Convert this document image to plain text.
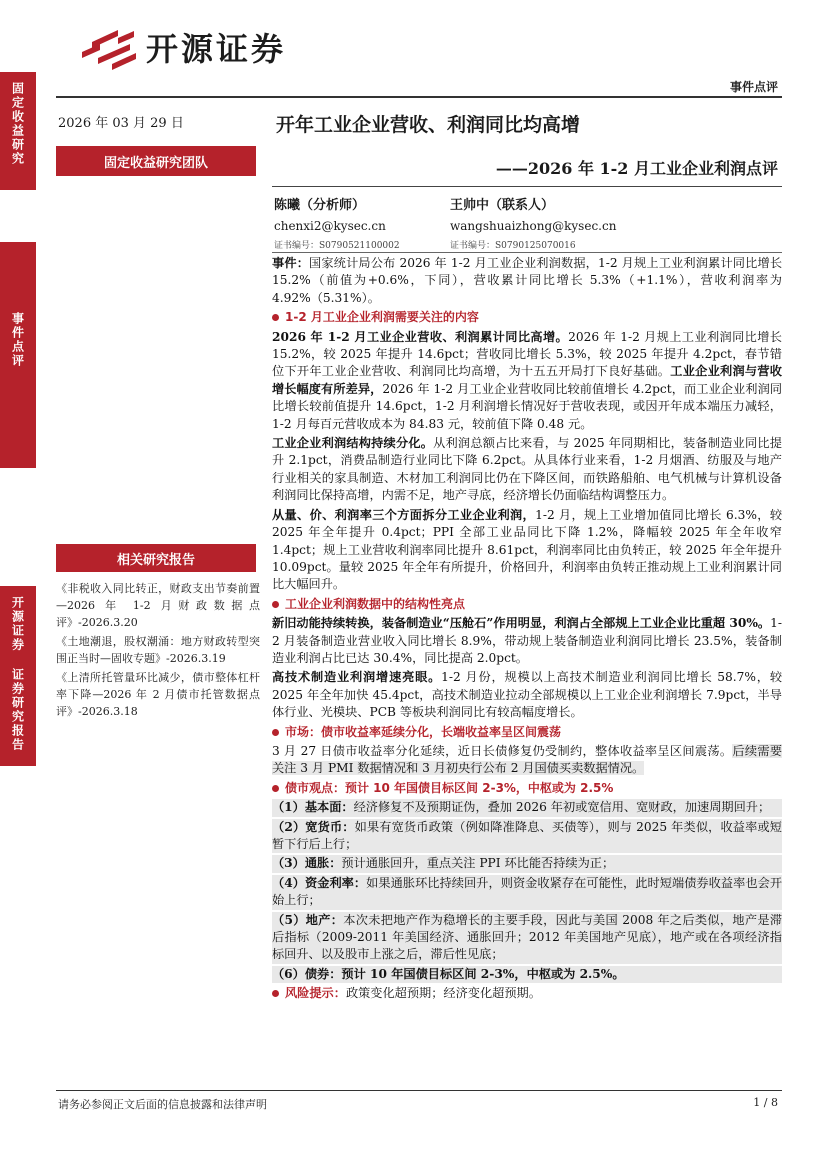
开源证券
事件点评
固定收益研究
事件点评
开源证券 证券研究报告
2026 年 03 月 29 日
固定收益研究团队
开年工业企业营收、利润同比均高增
——2026 年 1-2 月工业企业利润点评
陈曦（分析师）
chenxi2@kysec.cn
证书编号：S0790521100002
王帅中（联系人）
wangshuaizhong@kysec.cn
证书编号：S0790125070016
相关研究报告
《非税收入同比转正，财政支出节奏前置—2026 年 1-2 月财政数据点评》-2026.3.20
《土地潮退，股权潮涌：地方财政转型突围正当时—固收专题》-2026.3.19
《上清所托管量环比减少，债市整体杠杆率下降—2026 年 2 月债市托管数据点评》-2026.3.18

事件：国家统计局公布 2026 年 1-2 月工业企业利润数据，1-2 月规上工业利润累计同比增长 15.2%（前值为+0.6%，下同），营收累计同比增长 5.3%（+1.1%），营收利润率为 4.92%（5.31%）。

1-2 月工业企业利润需要关注的内容

2026 年 1-2 月工业企业营收、利润累计同比高增。2026 年 1-2 月规上工业利润同比增长 15.2%，较 2025 年提升 14.6pct；营收同比增长 5.3%，较 2025 年提升 4.2pct，春节错位下开年工业企业营收、利润同比均高增，为十五五开局打下良好基础。工业企业利润与营收增长幅度有所差异，2026 年 1-2 月工业企业营收同比较前值增长 4.2pct，而工业企业利润同比增长较前值提升 14.6pct，1-2 月利润增长情况好于营收表现，或因开年成本端压力减轻，1-2 月每百元营收成本为 84.83 元，较前值下降 0.48 元。

工业企业利润结构持续分化。从利润总额占比来看，与 2025 年同期相比，装备制造业同比提升 2.1pct，消费品制造行业同比下降 6.2pct。从具体行业来看，1-2 月烟酒、纺服及与地产行业相关的家具制造、木材加工利润同比仍在下降区间，而铁路船舶、电气机械与计算机设备利润同比保持高增，内需不足，地产寻底，经济增长仍面临结构调整压力。

从量、价、利润率三个方面拆分工业企业利润，1-2 月，规上工业增加值同比增长 6.3%，较 2025 年全年提升 0.4pct；PPI 全部工业品同比下降 1.2%，降幅较 2025 年全年收窄 1.4pct；规上工业营收利润率同比提升 8.61pct，利润率同比由负转正，较 2025 年全年提升 10.09pct。量较 2025 年全年有所提升，价格回升，利润率由负转正推动规上工业利润累计同比大幅回升。

工业企业利润数据中的结构性亮点

新旧动能持续转换，装备制造业“压舱石”作用明显，利润占全部规上工业企业比重超 30%。1-2 月装备制造业营业收入同比增长 8.9%，带动规上装备制造业利润同比增长 23.5%，装备制造业利润占比已达 30.4%，同比提高 2.0pct。

高技术制造业利润增速亮眼。1-2 月份，规模以上高技术制造业利润同比增长 58.7%，较 2025 年全年加快 45.4pct，高技术制造业拉动全部规模以上工业企业利润增长 7.9pct，半导体行业、光模块、PCB 等板块利润同比有较高幅度增长。

市场：债市收益率延续分化，长端收益率呈区间震荡

3 月 27 日债市收益率分化延续，近日长债修复仍受制约，整体收益率呈区间震荡。后续需要关注 3 月 PMI 数据情况和 3 月初央行公布 2 月国债买卖数据情况。

债市观点：预计 10 年国债目标区间 2-3%，中枢或为 2.5%

（1）基本面：经济修复不及预期证伪，叠加 2026 年初或宽信用、宽财政，加速周期回升；

（2）宽货币：如果有宽货币政策（例如降准降息、买债等），则与 2025 年类似，收益率或短暂下行后上行；

（3）通胀：预计通胀回升，重点关注 PPI 环比能否持续为正；

（4）资金利率：如果通胀环比持续回升，则资金收紧存在可能性，此时短端债券收益率也会开始上行；

（5）地产：本次未把地产作为稳增长的主要手段，因此与美国 2008 年之后类似，地产是滞后指标（2009-2011 年美国经济、通胀回升；2012 年美国地产见底），地产或在各项经济指标回升、以及股市上涨之后，滞后性见底；

（6）债券：预计 10 年国债目标区间 2-3%，中枢或为 2.5%。

风险提示：政策变化超预期；经济变化超预期。

请务必参阅正文后面的信息披露和法律声明	1 / 8
